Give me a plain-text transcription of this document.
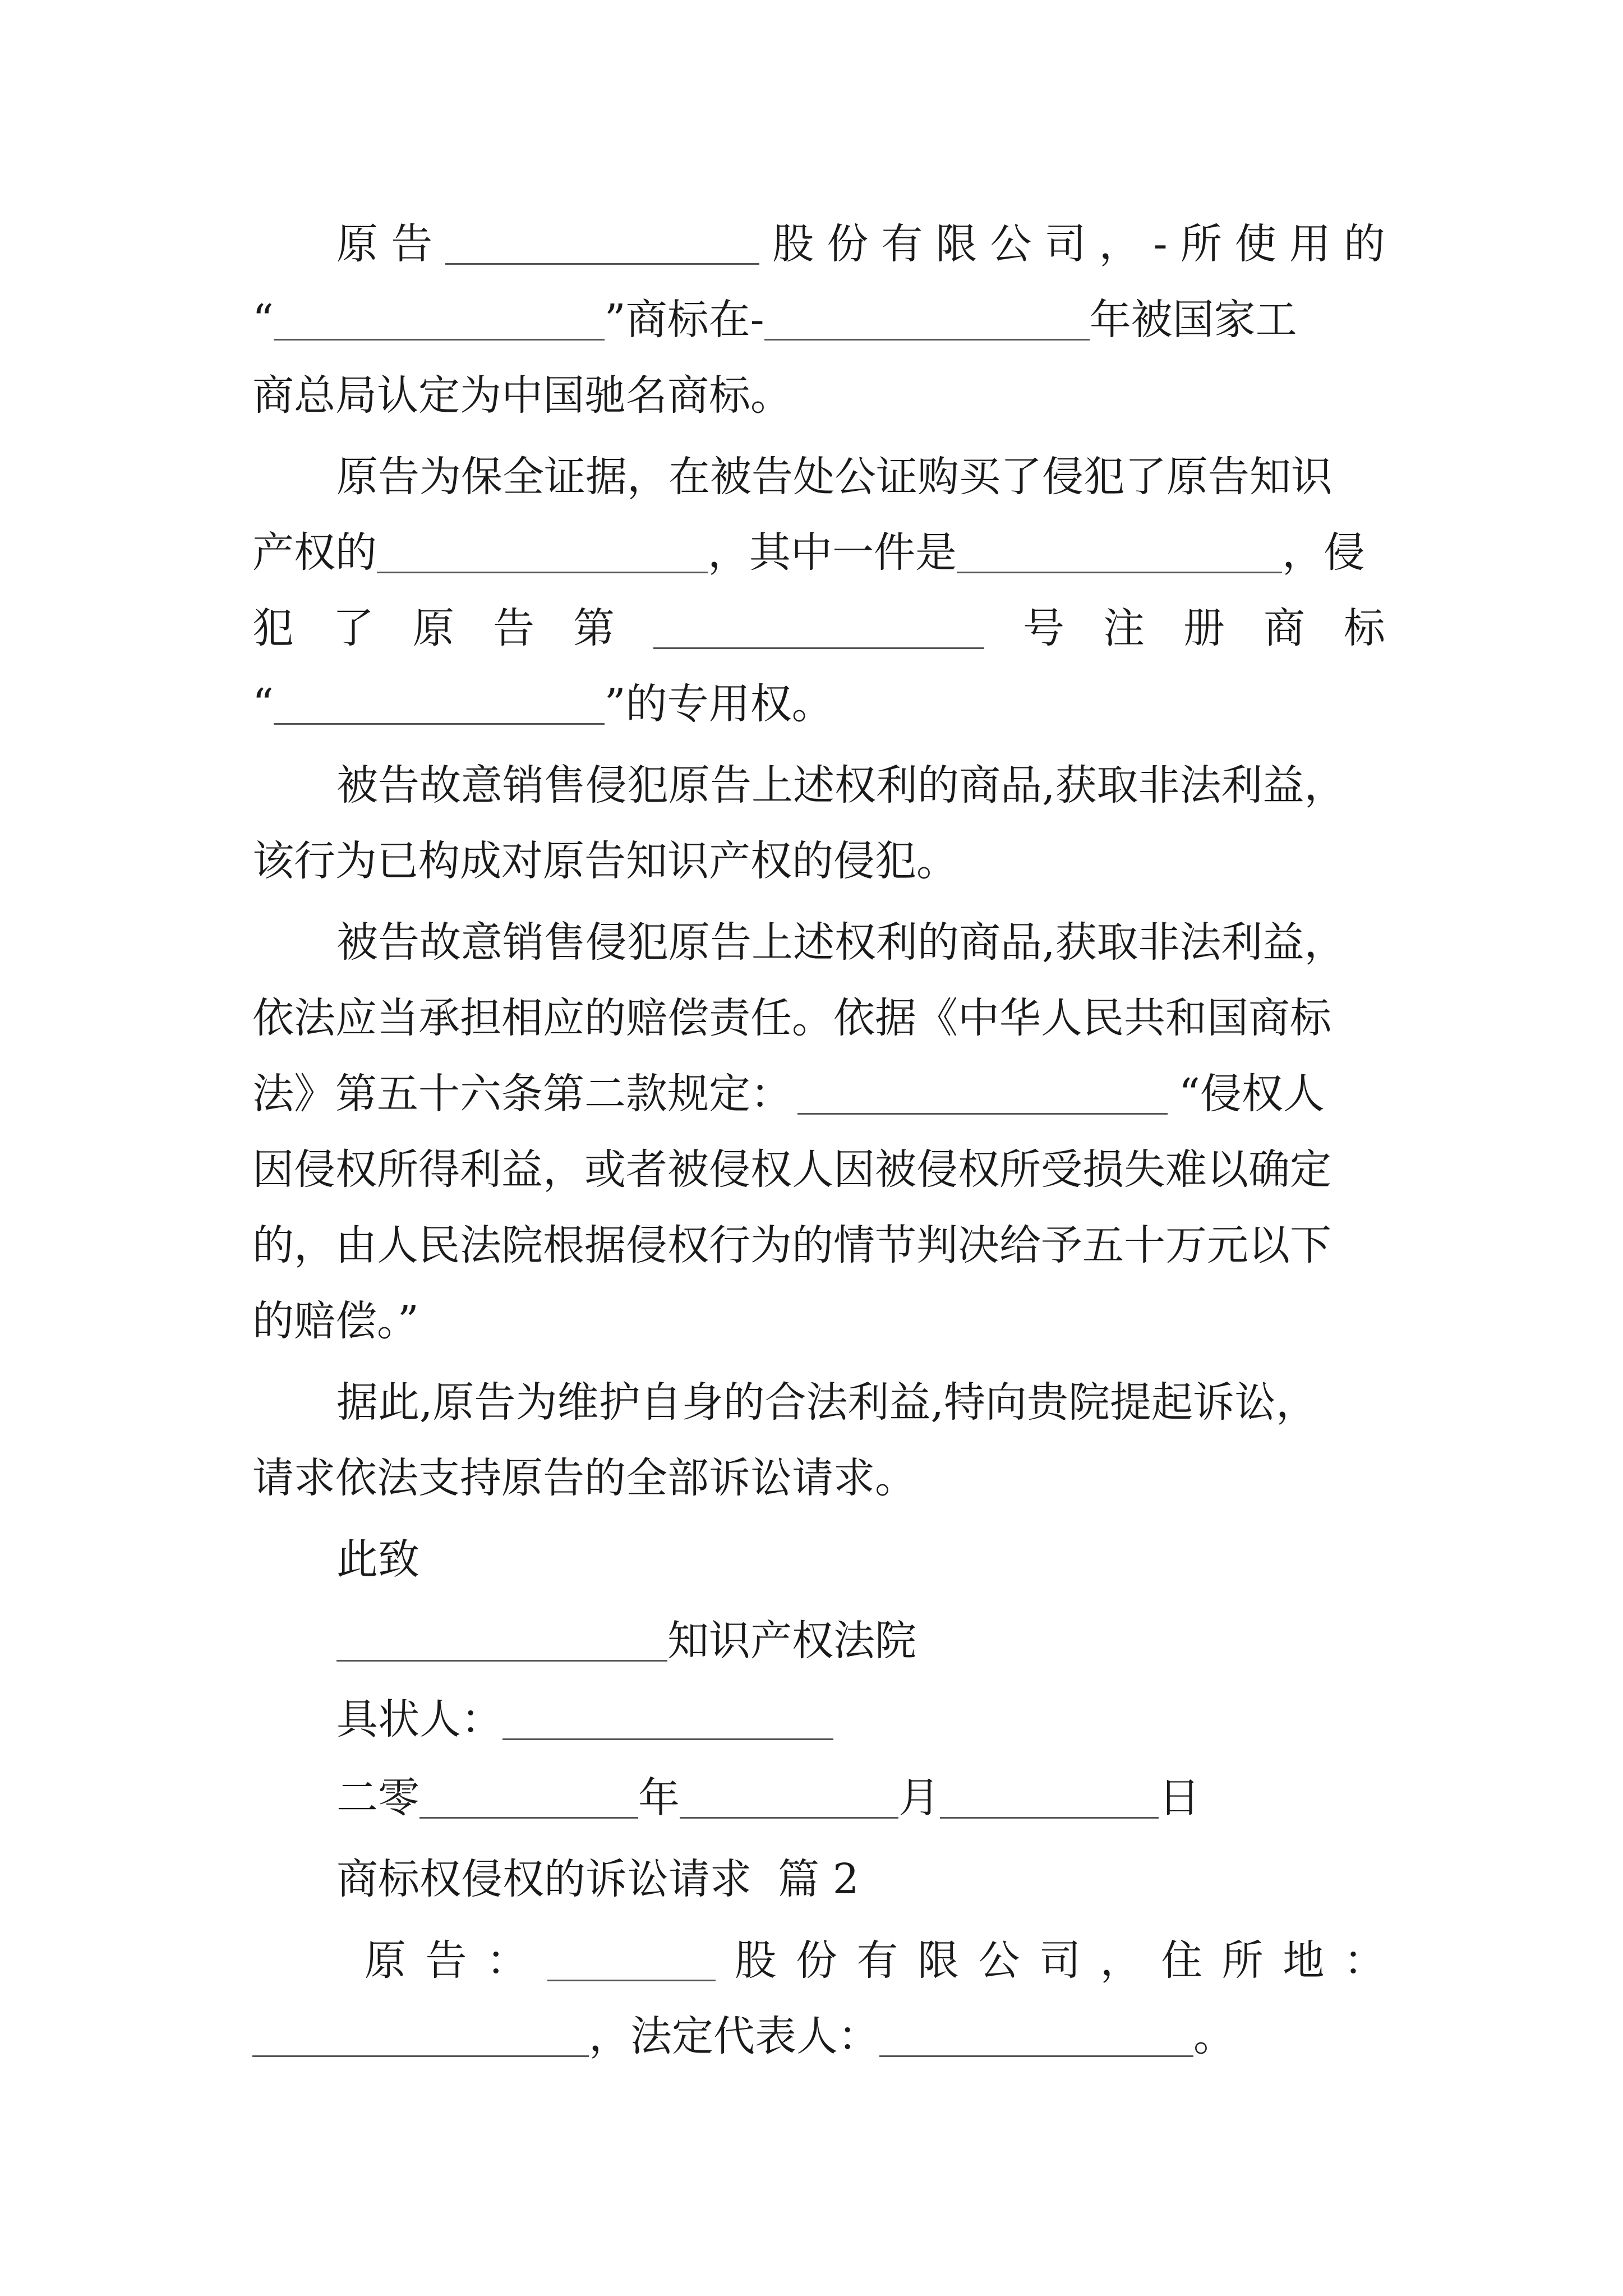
原 告	股 份 有 限 公 司 ， - 所 使 用 的
“	”商标在-	年被国家工
商总局认定为中国驰名商标。
原告为保全证据，在被告处公证购买了侵犯了原告知识
产权的	，其中一件是	，侵
犯 了 原 告 第	号 注 册 商 标
“	”的专用权。
被告故意销售侵犯原告上述权利的商品,获取非法利益，
该行为已构成对原告知识产权的侵犯。
被告故意销售侵犯原告上述权利的商品,获取非法利益，
依法应当承担相应的赔偿责任。依据《中华人民共和国商标
法》第五十六条第二款规定：	“侵权人
因侵权所得利益，或者被侵权人因被侵权所受损失难以确定
的，由人民法院根据侵权行为的情节判决给予五十万元以下
的赔偿。”
据此,原告为维护自身的合法利益,特向贵院提起诉讼，
请求依法支持原告的全部诉讼请求。
此致
知识产权法院
具状人：
二零	年	月	日
商标权侵权的诉讼请求  篇 2
原 告 ：	股 份 有 限 公 司 ， 住 所 地 ：
，法定代表人：	。
